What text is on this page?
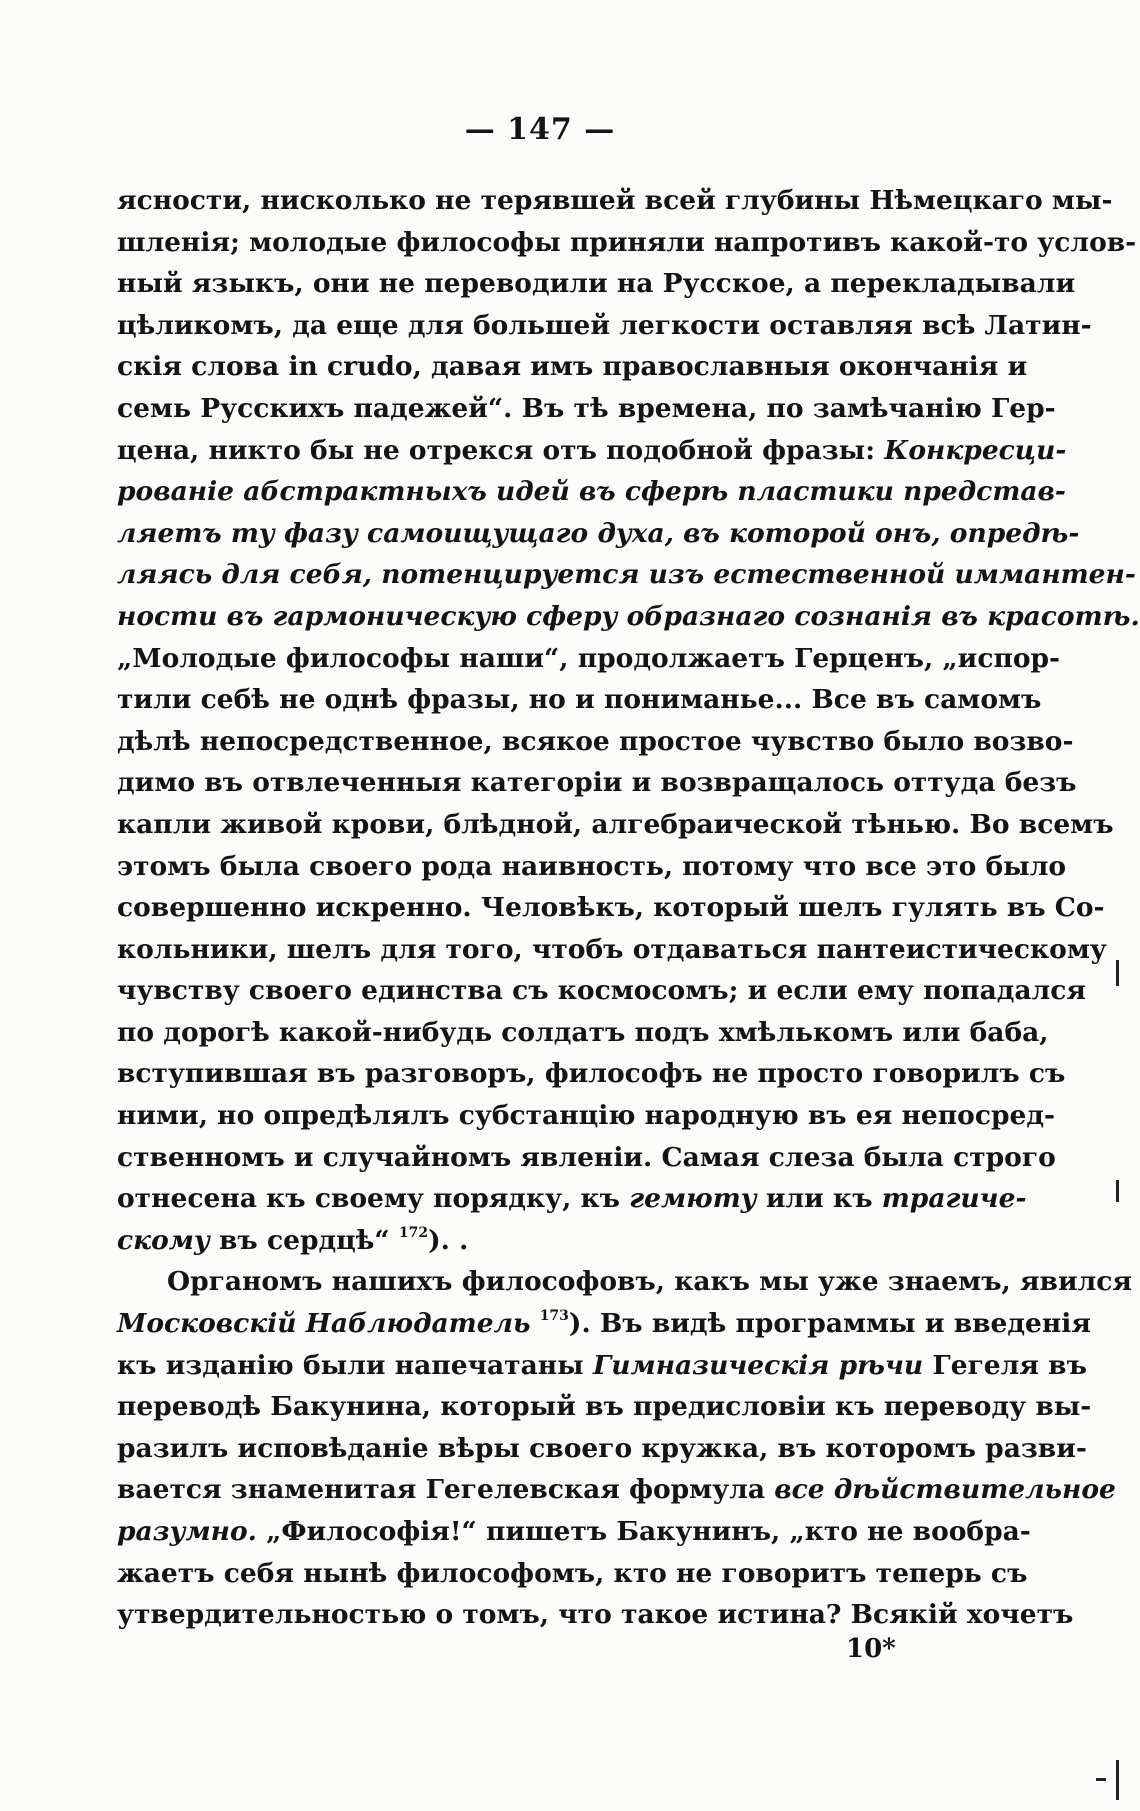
— 147 —
ясности, нисколько не терявшей всей глубины Нѣмецкаго мы-
шленія; молодые философы приняли напротивъ какой-то услов-
ный языкъ, они не переводили на Русское, а перекладывали
цѣликомъ, да еще для большей легкости оставляя всѣ Латин-
скія слова in crudo, давая имъ православныя окончанія и
семь Русскихъ падежей“. Въ тѣ времена, по замѣчанію Гер-
цена, никто бы не отрекся отъ подобной фразы: Конкресци-
рованіе абстрактныхъ идей въ сферѣ пластики представ-
ляетъ ту фазу самоищущаго духа, въ которой онъ, опредѣ-
ляясь для себя, потенцируется изъ естественной иммантен-
ности въ гармоническую сферу образнаго сознанія въ красотѣ.
„Молодые философы наши“, продолжаетъ Герценъ, „испор-
тили себѣ не однѣ фразы, но и пониманье... Все въ самомъ
дѣлѣ непосредственное, всякое простое чувство было возво-
димо въ отвлеченныя категоріи и возвращалось оттуда безъ
капли живой крови, блѣдной, алгебраической тѣнью. Во всемъ
этомъ была своего рода наивность, потому что все это было
совершенно искренно. Человѣкъ, который шелъ гулять въ Со-
кольники, шелъ для того, чтобъ отдаваться пантеистическому
чувству своего единства съ космосомъ; и если ему попадался
по дорогѣ какой-нибудь солдатъ подъ хмѣлькомъ или баба,
вступившая въ разговоръ, философъ не просто говорилъ съ
ними, но опредѣлялъ субстанцію народную въ ея непосред-
ственномъ и случайномъ явленіи. Самая слеза была строго
отнесена къ своему порядку, къ гемюту или къ трагиче-
скому въ сердцѣ“ $^{172}$). .
Органомъ нашихъ философовъ, какъ мы уже знаемъ, явился
Московскій Наблюдатель $^{173}$). Въ видѣ программы и введенія
къ изданію были напечатаны Гимназическія рѣчи Гегеля въ
переводѣ Бакунина, который въ предисловіи къ переводу вы-
разилъ исповѣданіе вѣры своего кружка, въ которомъ разви-
вается знаменитая Гегелевская формула все дѣйствительное
разумно. „Философія!“ пишетъ Бакунинъ, „кто не вообра-
жаетъ себя нынѣ философомъ, кто не говоритъ теперь съ
утвердительностью о томъ, что такое истина? Всякій хочетъ
10*
